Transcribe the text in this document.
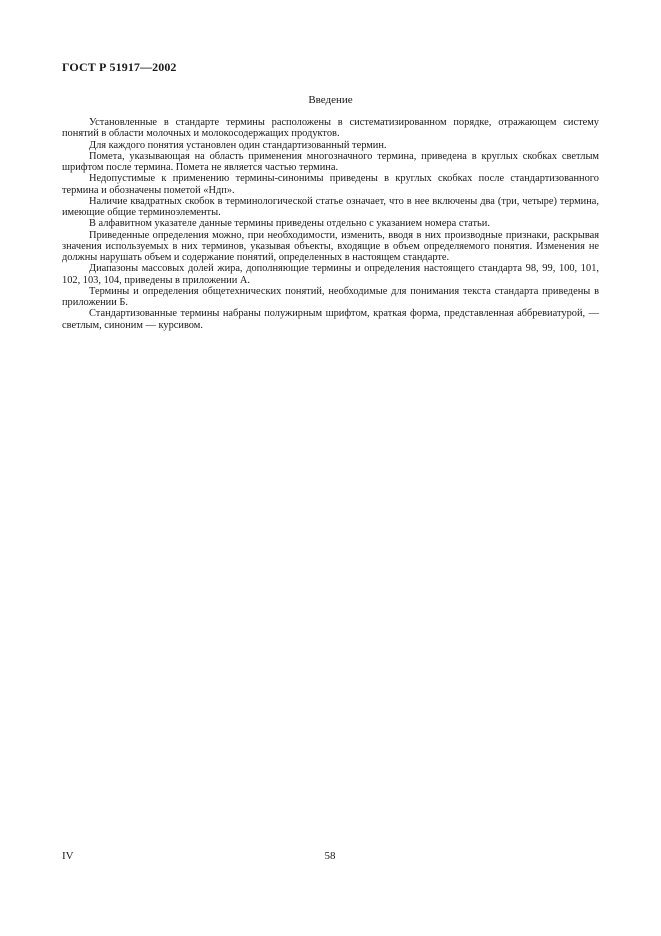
ГОСТ Р 51917—2002
Введение

Установленные в стандарте термины расположены в систематизированном порядке, отражающем систему понятий в области молочных и молокосодержащих продуктов.

Для каждого понятия установлен один стандартизованный термин.

Помета, указывающая на область применения многозначного термина, приведена в круглых скобках светлым шрифтом после термина. Помета не является частью термина.

Недопустимые к применению термины-синонимы приведены в круглых скобках после стандартизованного термина и обозначены пометой «Ндп».

Наличие квадратных скобок в терминологической статье означает, что в нее включены два (три, четыре) термина, имеющие общие терминоэлементы.

В алфавитном указателе данные термины приведены отдельно с указанием номера статьи.

Приведенные определения можно, при необходимости, изменить, вводя в них производные признаки, раскрывая значения используемых в них терминов, указывая объекты, входящие в объем определяемого понятия. Изменения не должны нарушать объем и содержание понятий, определенных в настоящем стандарте.

Диапазоны массовых долей жира, дополняющие термины и определения настоящего стандарта 98, 99, 100, 101, 102, 103, 104, приведены в приложении А.

Термины и определения общетехнических понятий, необходимые для понимания текста стандарта приведены в приложении Б.

Стандартизованные термины набраны полужирным шрифтом, краткая форма, представленная аббревиатурой, — светлым, синоним — курсивом.

IV	58
